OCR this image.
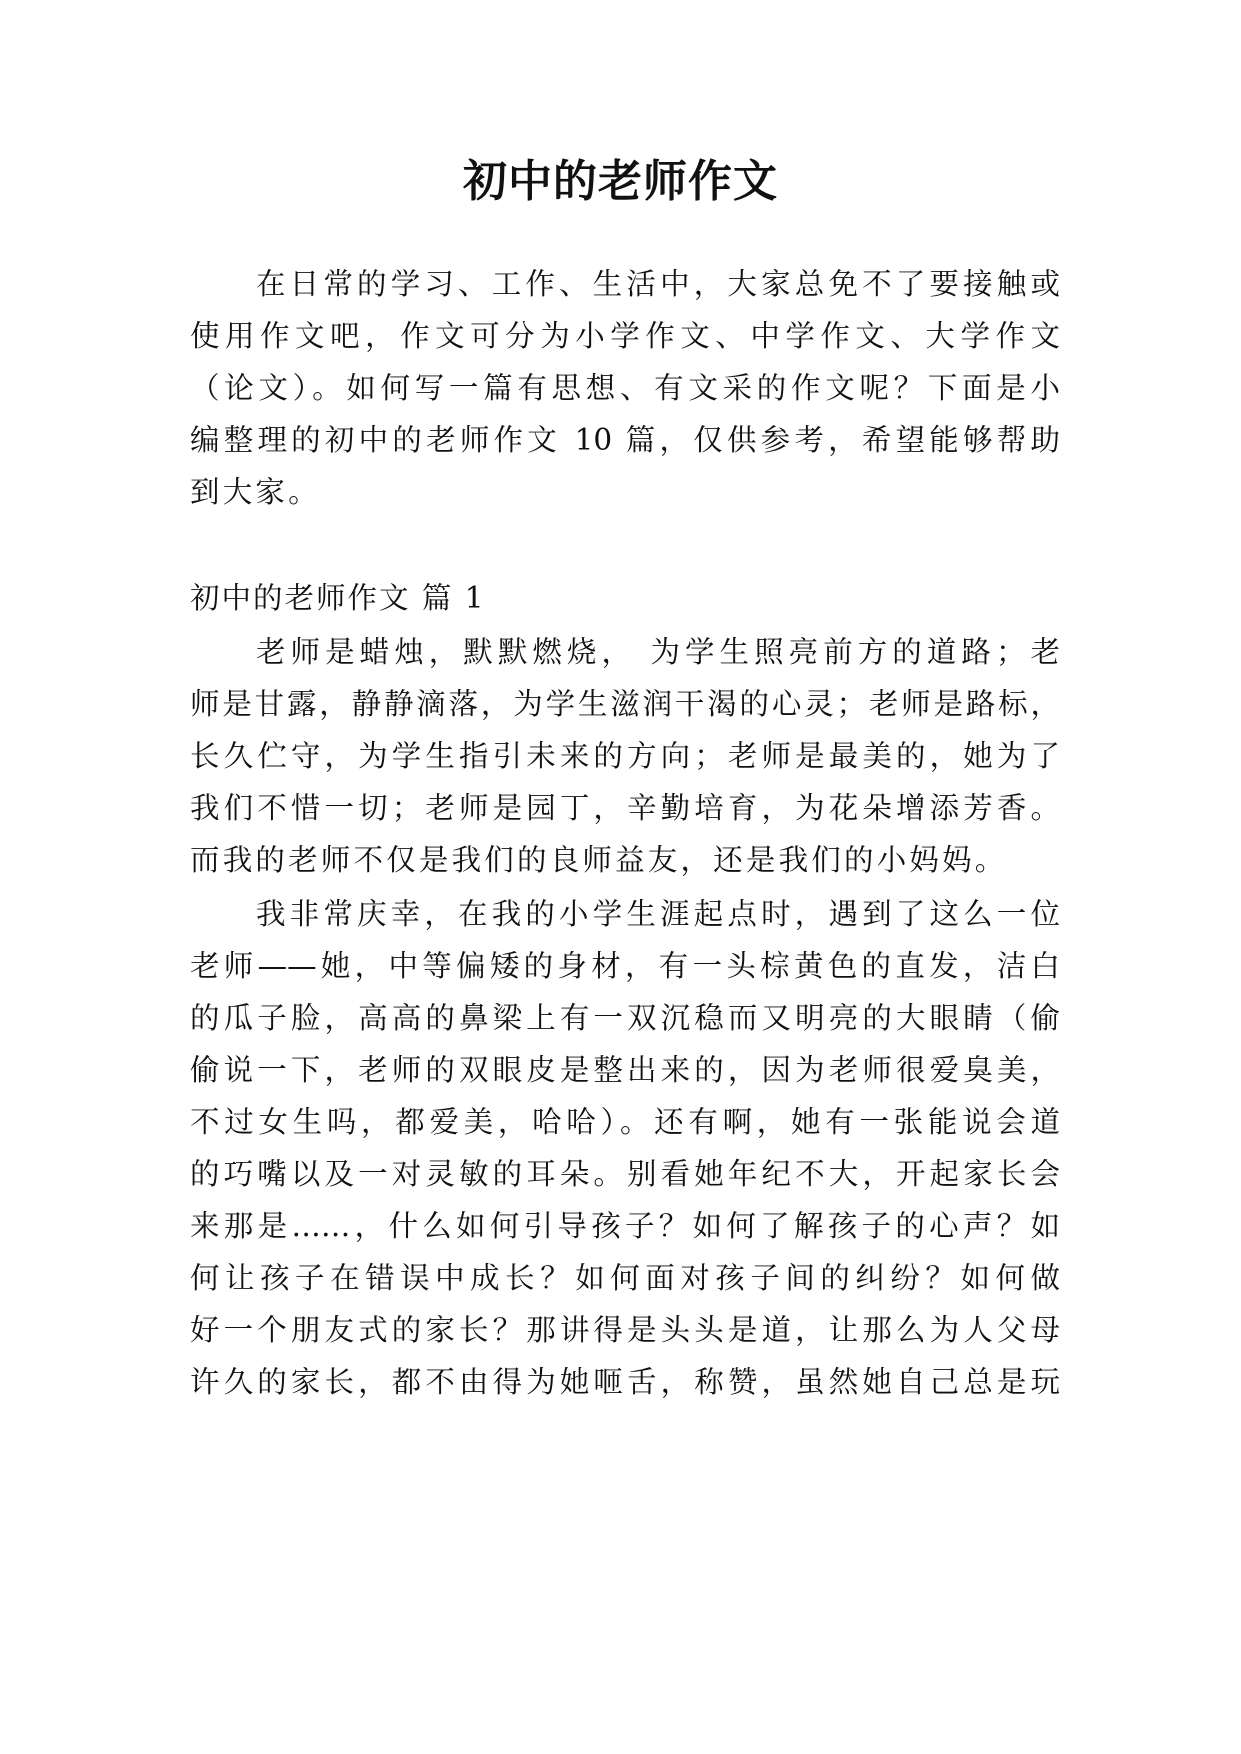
初中的老师作文
在日常的学习、工作、生活中，大家总免不了要接触或
使用作文吧，作文可分为小学作文、中学作文、大学作文
（论文）。如何写一篇有思想、有文采的作文呢？下面是小
编整理的初中的老师作文 10 篇，仅供参考，希望能够帮助
到大家。
初中的老师作文 篇 1
老师是蜡烛，默默燃烧， 为学生照亮前方的道路；老
师是甘露，静静滴落，为学生滋润干渴的心灵；老师是路标，
长久伫守，为学生指引未来的方向；老师是最美的，她为了
我们不惜一切；老师是园丁，辛勤培育，为花朵增添芳香。
而我的老师不仅是我们的良师益友，还是我们的小妈妈。
我非常庆幸，在我的小学生涯起点时，遇到了这么一位
老师——她，中等偏矮的身材，有一头棕黄色的直发，洁白
的瓜子脸，高高的鼻梁上有一双沉稳而又明亮的大眼睛（偷
偷说一下，老师的双眼皮是整出来的，因为老师很爱臭美，
不过女生吗，都爱美，哈哈）。还有啊，她有一张能说会道
的巧嘴以及一对灵敏的耳朵。别看她年纪不大，开起家长会
来那是……，什么如何引导孩子？如何了解孩子的心声？如
何让孩子在错误中成长？如何面对孩子间的纠纷？如何做
好一个朋友式的家长？那讲得是头头是道，让那么为人父母
许久的家长，都不由得为她咂舌，称赞，虽然她自己总是玩
